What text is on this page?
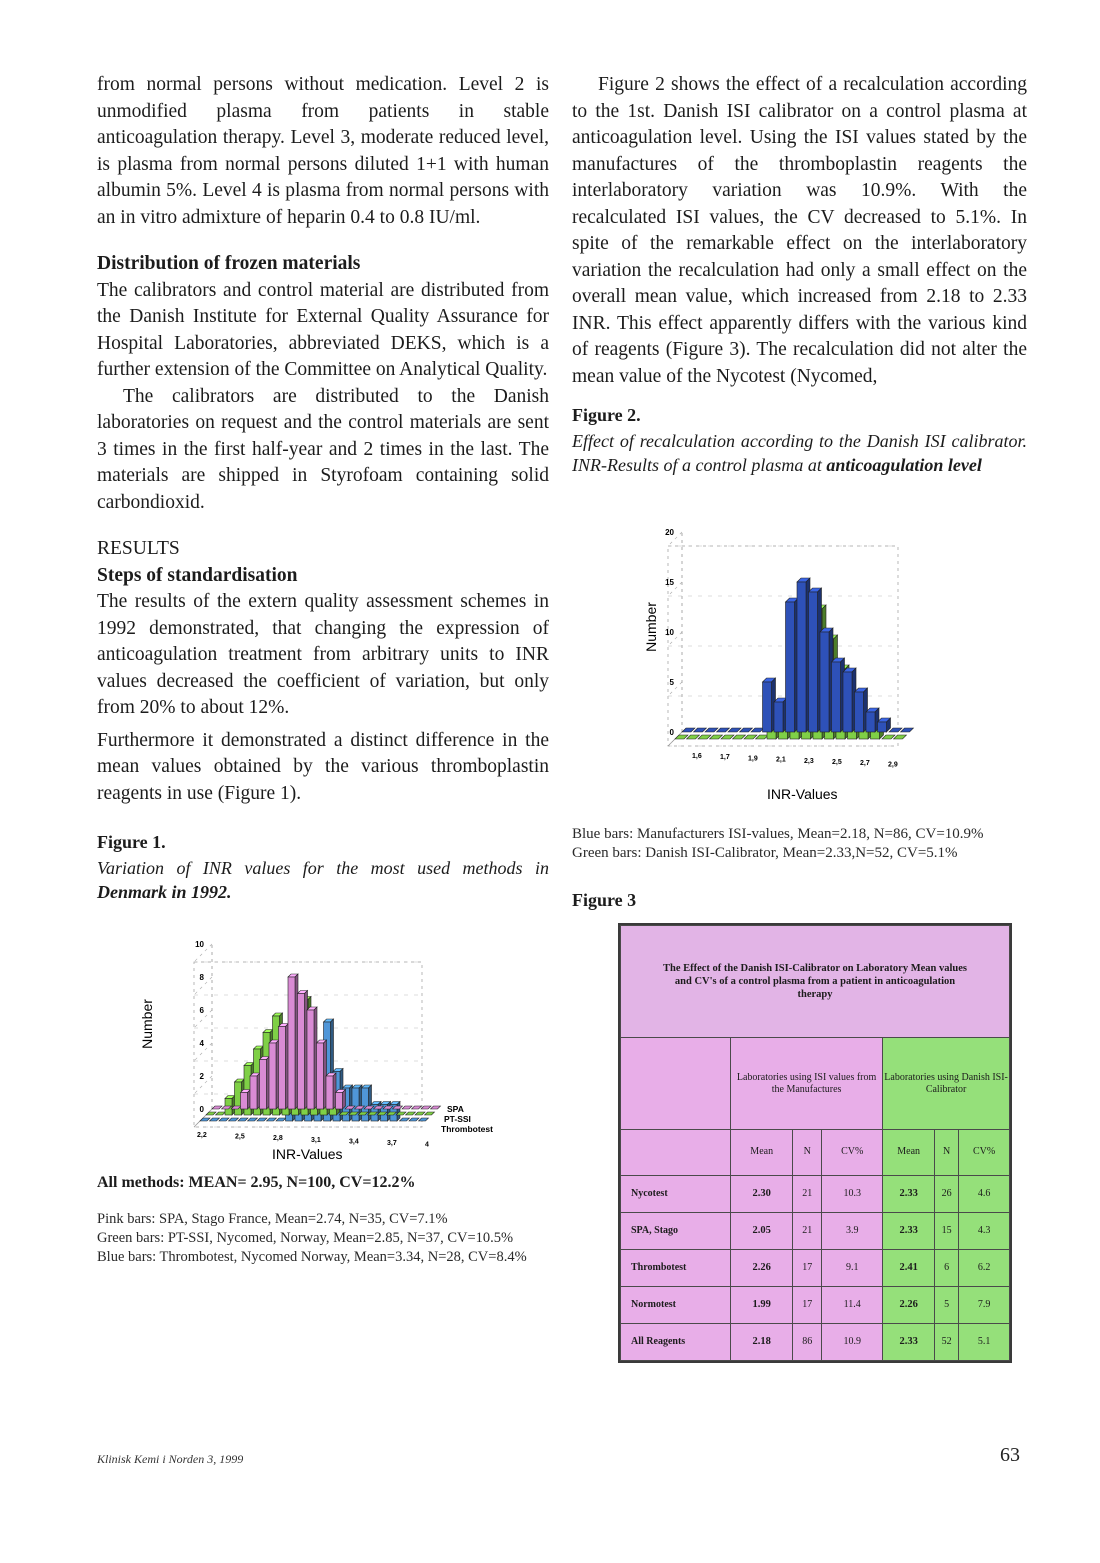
from normal persons without medication. Level 2 is unmodified plasma from patients in stable anticoagulation therapy. Level 3, moderate reduced level, is plasma from normal persons diluted 1+1 with human albumin 5%. Level 4 is plasma from normal persons with an in vitro admixture of heparin 0.4 to 0.8 IU/ml.

Distribution of frozen materials

The calibrators and control material are distributed from the Danish Institute for External Quality Assurance for Hospital Laboratories, abbreviated DEKS, which is a further extension of the Committee on Analytical Quality.

The calibrators are distributed to the Danish laboratories on request and the control materials are sent 3 times in the first half-year and 2 times in the last. The materials are shipped in Styrofoam containing solid carbondioxid.

RESULTS

Steps of standardisation

The results of the extern quality assessment schemes in 1992 demonstrated, that changing the expression of anticoagulation treatment from arbitrary units to INR values decreased the coefficient of variation, but only from 20% to about 12%.

Furthermore it demonstrated a distinct difference in the mean values obtained by the various thromboplastin reagents in use (Figure 1).

Figure 1.

Variation of INR values for the most used methods in Denmark in 1992.

0
2
4
6
8
10
2,2	2,5	2,8	3,1	3,4	3,7	4
INR-Values
Number
SPA
PT-SSI
Thrombotest

All methods: MEAN= 2.95, N=100, CV=12.2%

Pink bars: SPA, Stago France, Mean=2.74, N=35, CV=7.1%

Green bars: PT-SSI, Nycomed, Norway, Mean=2.85, N=37, CV=10.5%

Blue bars: Thrombotest, Nycomed Norway, Mean=3.34, N=28, CV=8.4%

Figure 2 shows the effect of a recalculation according to the 1st. Danish ISI calibrator on a control plasma at anticoagulation level. Using the ISI values stated by the manufactures of the thromboplastin reagents the interlaboratory variation was 10.9%. With the recalculated ISI values, the CV decreased to 5.1%. In spite of the remarkable effect on the interlaboratory variation the recalculation had only a small effect on the overall mean value, which increased from 2.18 to 2.33 INR. This effect apparently differs with the various kind of reagents (Figure 3). The recalculation did not alter the mean value of the Nycotest (Nycomed,

Figure 2.

Effect of recalculation according to the Danish ISI calibrator. INR-Results of a control plasma at anticoagulation level

0
5
10
15
20
1,6	1,7	1,9	2,1	2,3	2,5	2,7	2,9
INR-Values
Number

Blue bars: Manufacturers ISI-values, Mean=2.18, N=86, CV=10.9%

Green bars: Danish ISI-Calibrator, Mean=2.33,N=52, CV=5.1%

Figure 3

The Effect of the Danish ISI-Calibrator on Laboratory Mean values and CV's of a control plasma from a patient in anticoagulation therapy						
	Laboratories using ISI values from the Manufactures			Laboratories using Danish ISI-Calibrator		
	Mean	N	CV%	Mean	N	CV%
Nycotest	2.30	21	10.3	2.33	26	4.6
SPA, Stago	2.05	21	3.9	2.33	15	4.3
Thrombotest	2.26	17	9.1	2.41	6	6.2
Normotest	1.99	17	11.4	2.26	5	7.9
All Reagents	2.18	86	10.9	2.33	52	5.1
Klinisk Kemi i Norden 3, 1999	63
